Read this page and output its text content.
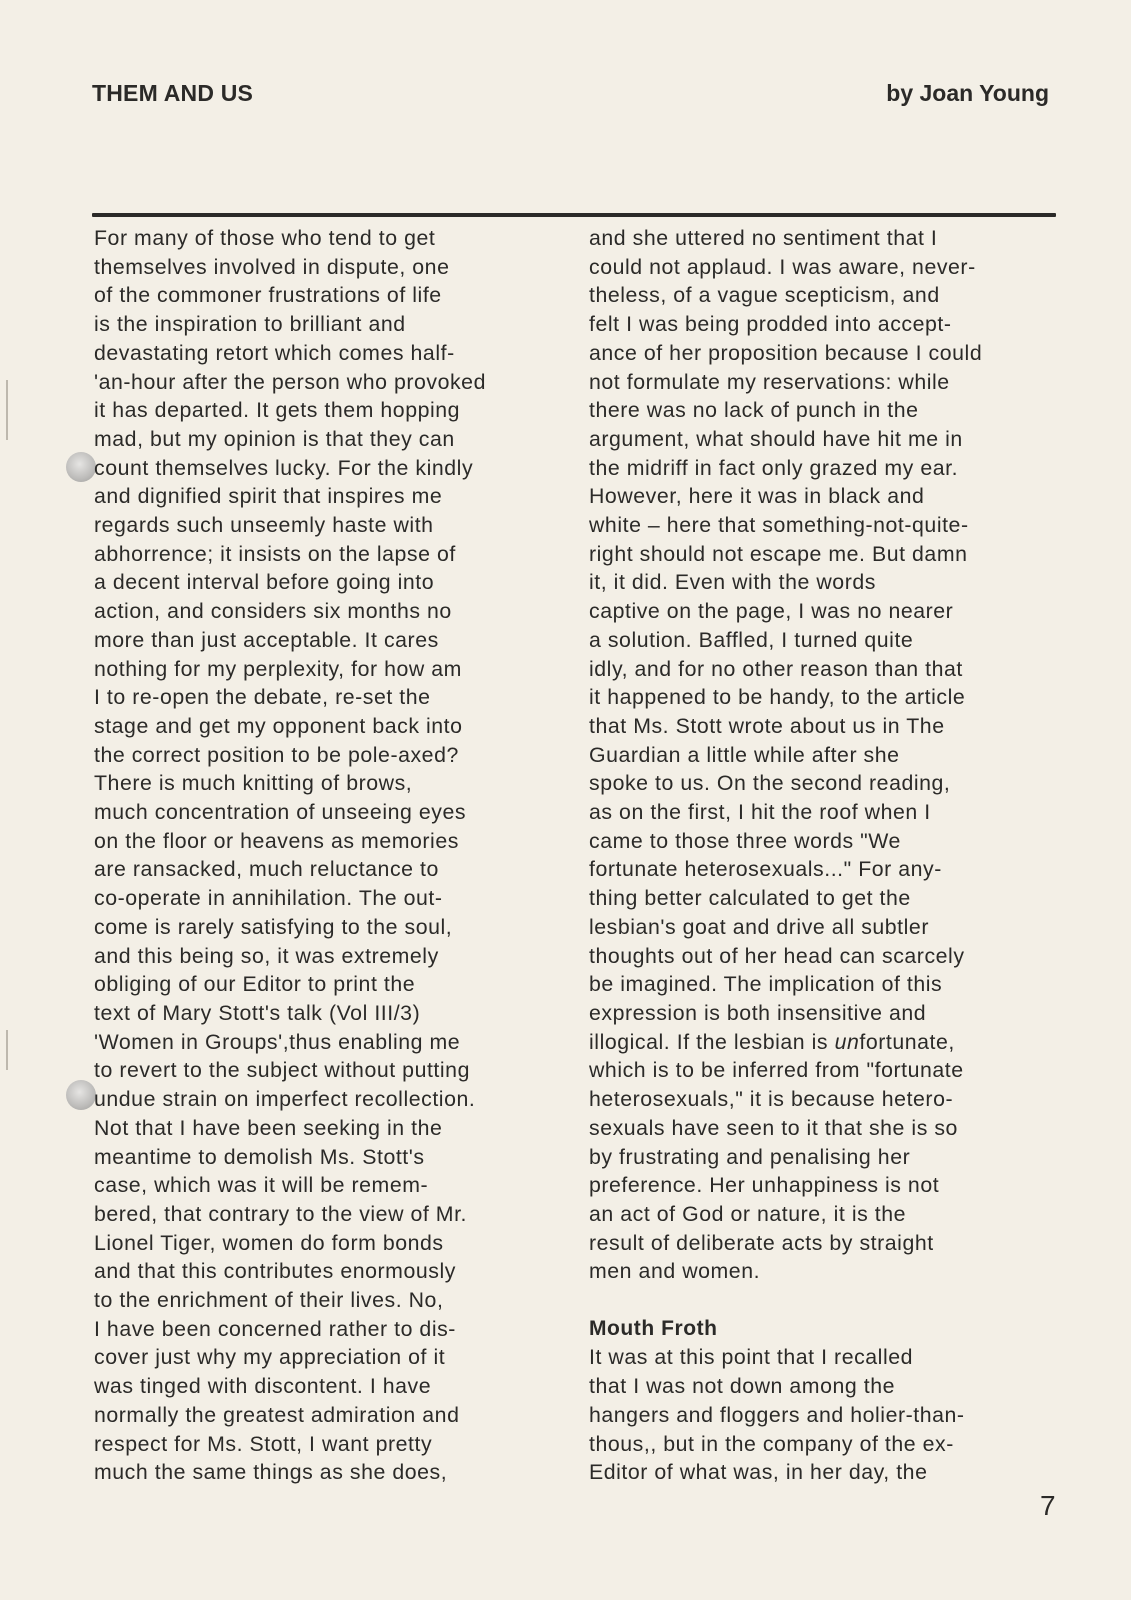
THEM AND US	by Joan Young
For many of those who tend to get
themselves involved in dispute, one
of the commoner frustrations of life
is the inspiration to brilliant and
devastating retort which comes half-
'an-hour after the person who provoked
it has departed. It gets them hopping
mad, but my opinion is that they can
count themselves lucky. For the kindly
and dignified spirit that inspires me
regards such unseemly haste with
abhorrence; it insists on the lapse of
a decent interval before going into
action, and considers six months no
more than just acceptable. It cares
nothing for my perplexity, for how am
I to re-open the debate, re-set the
stage and get my opponent back into
the correct position to be pole-axed?
There is much knitting of brows,
much concentration of unseeing eyes
on the floor or heavens as memories
are ransacked, much reluctance to
co-operate in annihilation. The out-
come is rarely satisfying to the soul,
and this being so, it was extremely
obliging of our Editor to print the
text of Mary Stott's talk (Vol III/3)
'Women in Groups',thus enabling me
to revert to the subject without putting
undue strain on imperfect recollection.
Not that I have been seeking in the
meantime to demolish Ms. Stott's
case, which was it will be remem-
bered, that contrary to the view of Mr.
Lionel Tiger, women do form bonds
and that this contributes enormously
to the enrichment of their lives. No,
I have been concerned rather to dis-
cover just why my appreciation of it
was tinged with discontent. I have
normally the greatest admiration and
respect for Ms. Stott, I want pretty
much the same things as she does,
and she uttered no sentiment that I
could not applaud. I was aware, never-
theless, of a vague scepticism, and
felt I was being prodded into accept-
ance of her proposition because I could
not formulate my reservations: while
there was no lack of punch in the
argument, what should have hit me in
the midriff in fact only grazed my ear.
However, here it was in black and
white – here that something-not-quite-
right should not escape me. But damn
it, it did. Even with the words
captive on the page, I was no nearer
a solution. Baffled, I turned quite
idly, and for no other reason than that
it happened to be handy, to the article
that Ms. Stott wrote about us in The
Guardian a little while after she
spoke to us. On the second reading,
as on the first, I hit the roof when I
came to those three words "We
fortunate heterosexuals..." For any-
thing better calculated to get the
lesbian's goat and drive all subtler
thoughts out of her head can scarcely
be imagined. The implication of this
expression is both insensitive and
illogical. If the lesbian is unfortunate,
which is to be inferred from "fortunate
heterosexuals," it is because hetero-
sexuals have seen to it that she is so
by frustrating and penalising her
preference. Her unhappiness is not
an act of God or nature, it is the
result of deliberate acts by straight
men and women.
Mouth Froth
It was at this point that I recalled
that I was not down among the
hangers and floggers and holier-than-
thous,, but in the company of the ex-
Editor of what was, in her day, the
7
